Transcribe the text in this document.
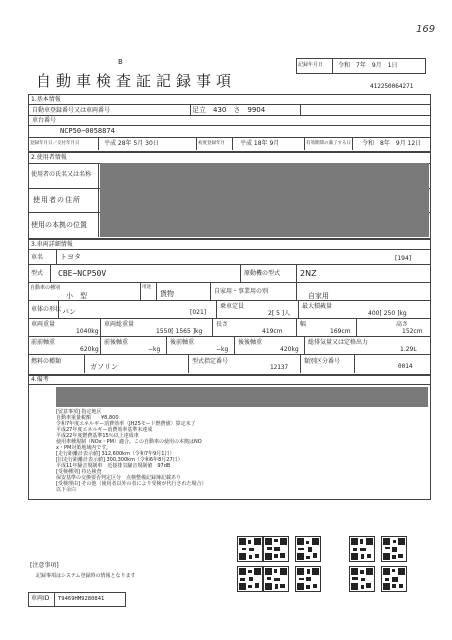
169
B	記録年月日 令和　7年　9月　1日
自動車検査証記録事項	412250064271
1.基本情報
自動車登録番号又は車両番号	足立　430　さ　9904
車台番号
NCP50−0058874
登録年月日／交付年月日	平成 28年 5月 30日	初度登録年月	平成 18年 9月	有効期間の満了する日 令和　8年　9月 12日
2.使用者情報
使用者の氏名又は名称
使用者の住所
使用の本拠の位置
3.車両詳細情報
車名 トヨタ	[194]
型式 CBE−NCP50V	原動機の型式 2NZ
自動車の種別
小　型
用途
貨物	自家用・事業用の別
自家用
車体の形状 バン	[021]
乗車定員
2[ 5 ]人
最大積載量
400[ 250 ]kg
車両重量
1040kg
車両総重量
1550[ 1565 ]kg
長さ
419cm
幅
169cm
高さ
152cm
前前軸重
620kg
前後軸重
−kg
後前軸重
−kg
後後軸重
420kg
総排気量又は定格出力
1.29L
燃料の種類
ガソリン
型式指定番号
12137
類別区分番号
0014
4.備考
[留意事項] 指定地区
自動車重量税額　　¥8,800
令和7年度エネルギー消費効率〈JH25モード燃費値〉算定未了
平成27年度エネルギー消費効率基準未達成
平成22年度燃費基準15％以上達成車
使用車種規制（NOx・PM）適合。この自動車の使用の本拠はNO
x・PM対策地域内です。
[走行距離計表示値] 312,600km（令和7年9月1日）
[旧走行距離計表示値] 300,300km（令和6年8月27日）
平成11年騒音規制車　近接排気騒音規制値　97dB
[受検種別] 持込検査
保安基準の交換要否判定区分　点検整備記録簿記載あり
[受検理由] その他（使用者以外の者により受検が代行された場合）
以下余白
[注意事項]
記録事項はシステム登録時の情報となります
車両ID T9469HM9280841
